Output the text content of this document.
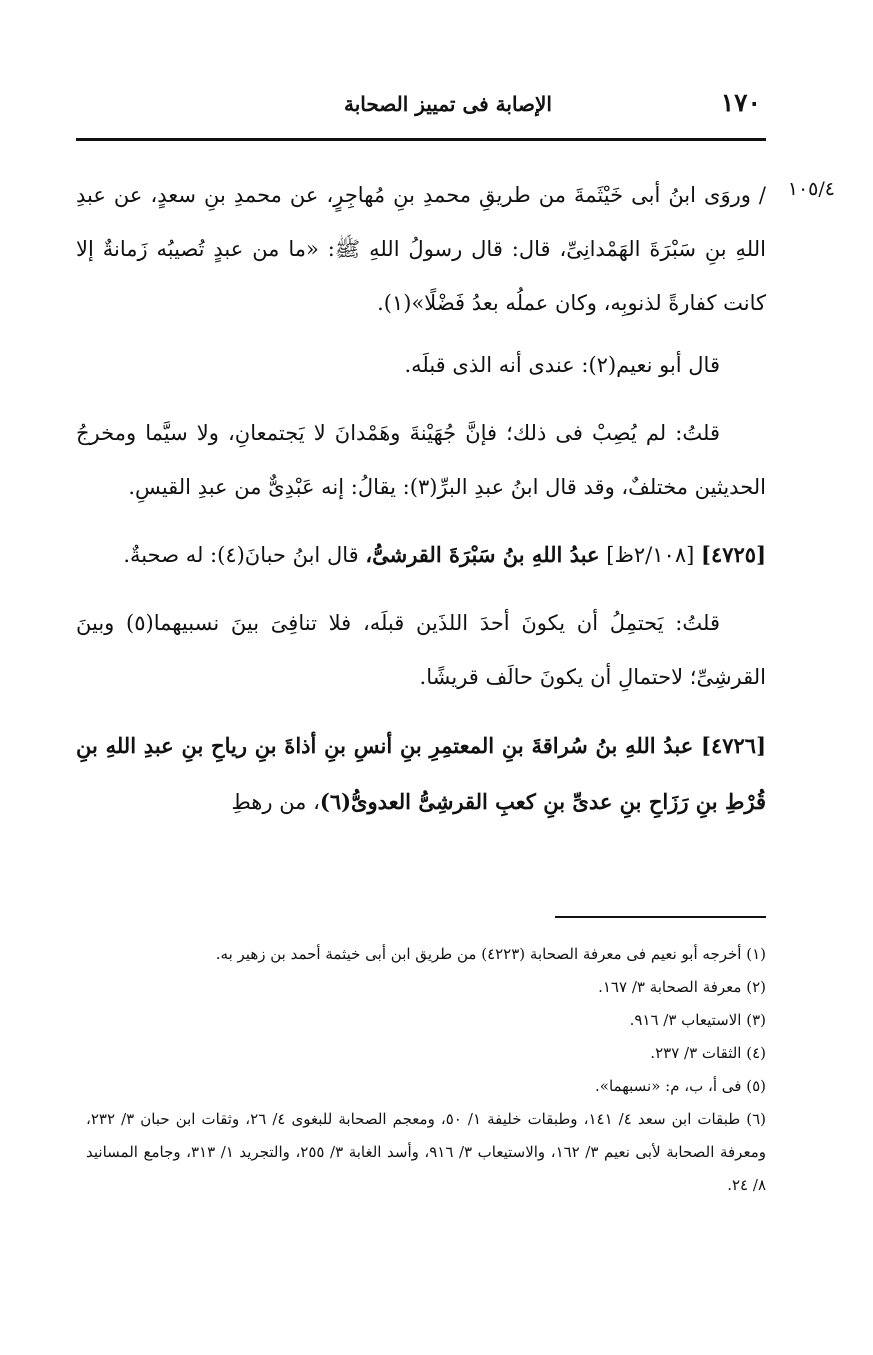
١٧٠
الإصابة فى تمييز الصحابة
١٠٥/٤

/ وروَى ابنُ أبى خَيْثَمةَ من طريقِ محمدِ بنِ مُهاجِرٍ، عن محمدِ بنِ سعدٍ، عن عبدِ اللهِ بنِ سَبْرَةَ الهَمْدانِىِّ، قال: قال رسولُ اللهِ ﷺ: «ما من عبدٍ تُصيبُه زَمانةٌ إلا كانت كفارةً لذنوبِه، وكان عملُه بعدُ فَضْلًا»(١).

قال أبو نعيم(٢): عندى أنه الذى قبلَه.

قلتُ: لم يُصِبْ فى ذلك؛ فإنَّ جُهَيْنةَ وهَمْدانَ لا يَجتمعانِ، ولا سيَّما ومخرجُ الحديثين مختلفٌ، وقد قال ابنُ عبدِ البرِّ(٣): يقالُ: إنه عَبْدِىٌّ من عبدِ القيسِ.

[٤٧٢٥] [٢/١٠٨ظ] عبدُ اللهِ بنُ سَبْرَةَ القرشىُّ، قال ابنُ حبانَ(٤): له صحبةٌ.

قلتُ: يَحتمِلُ أن يكونَ أحدَ اللذَين قبلَه، فلا تنافِىَ بينَ نسبيهما(٥) وبينَ القرشِىِّ؛ لاحتمالِ أن يكونَ حالَف قريشًا.

[٤٧٢٦] عبدُ اللهِ بنُ سُراقةَ بنِ المعتمِرِ بنِ أنسِ بنِ أذاةَ بنِ رياحِ بنِ عبدِ اللهِ بنِ قُرْطِ بنِ رَزَاحِ بنِ عدىِّ بنِ كعبِ القرشِىُّ العدوىُّ(٦)، من رهطِ

(١) أخرجه أبو نعيم فى معرفة الصحابة (٤٢٢٣) من طريق ابن أبى خيثمة أحمد بن زهير به.

(٢) معرفة الصحابة ٣/ ١٦٧.

(٣) الاستيعاب ٣/ ٩١٦.

(٤) الثقات ٣/ ٢٣٧.

(٥) فى أ، ب، م: «نسبهما».

(٦) طبقات ابن سعد ٤/ ١٤١، وطبقات خليفة ١/ ٥٠، ومعجم الصحابة للبغوى ٤/ ٢٦، وثقات ابن حبان ٣/ ٢٣٢، ومعرفة الصحابة لأبى نعيم ٣/ ١٦٢، والاستيعاب ٣/ ٩١٦، وأسد الغابة ٣/ ٢٥٥، والتجريد ١/ ٣١٣، وجامع المسانيد ٨/ ٢٤.
